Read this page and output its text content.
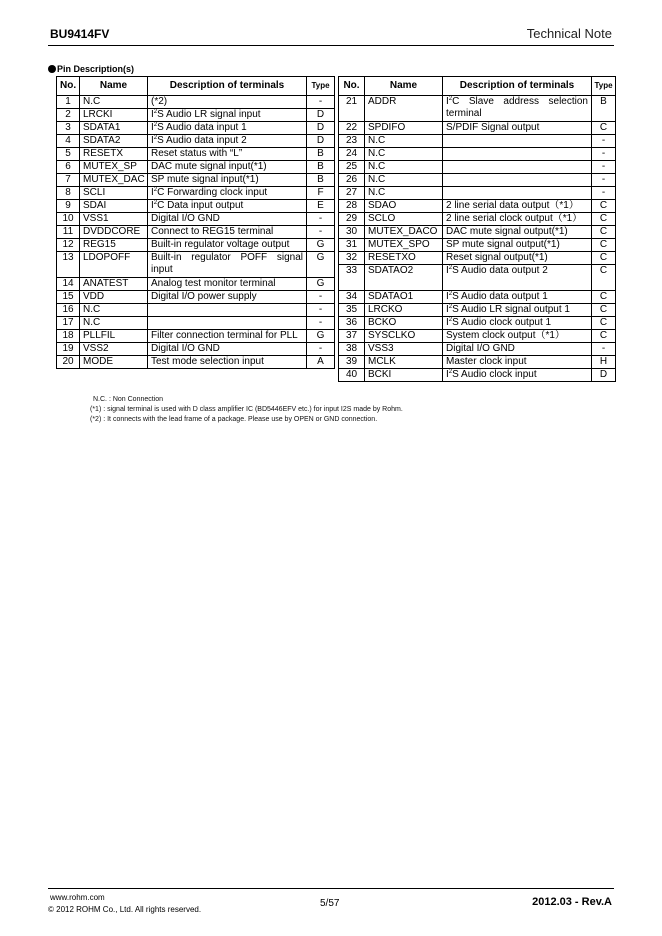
BU9414FV	Technical Note
Pin Description(s)
No.	Name	Description of terminals	Type
1	N.C	(*2)	-
2	LRCKI	$I^2S$ Audio LR signal input	D
3	SDATA1	$I^2S$ Audio data input 1	D
4	SDATA2	$I^2S$ Audio data input 2	D
5	RESETX	Reset status with “L”	B
6	MUTEX_SP	DAC mute signal input(*1)	B
7	MUTEX_DAC	SP mute signal input(*1)	B
8	SCLI	$I^2C$ Forwarding clock input	F
9	SDAI	$I^2C$ Data input output	E
10	VSS1	Digital I/O GND	-
11	DVDDCORE	Connect to REG15 terminal	-
12	REG15	Built-in regulator voltage output	G
13	LDOPOFF	Built-in regulator POFF signal input	G
14	ANATEST	Analog test monitor terminal	G
15	VDD	Digital I/O power supply	-
16	N.C		-
17	N.C		-
18	PLLFIL	Filter connection terminal for PLL	G
19	VSS2	Digital I/O GND	-
20	MODE	Test mode selection input	A
No.	Name	Description of terminals	Type
21	ADDR	$I^2C$ Slave address selection terminal	B
22	SPDIFO	S/PDIF Signal output	C
23	N.C		-
24	N.C		-
25	N.C		-
26	N.C		-
27	N.C		-
28	SDAO	2 line serial data output（*1）	C
29	SCLO	2 line serial clock output（*1）	C
30	MUTEX_DACO	DAC mute signal output(*1)	C
31	MUTEX_SPO	SP mute signal output(*1)	C
32	RESETXO	Reset signal output(*1)	C
33	SDATAO2	$I^2S$ Audio data output 2	C
34	SDATAO1	$I^2S$ Audio data output 1	C
35	LRCKO	$I^2S$ Audio LR signal output 1	C
36	BCKO	$I^2S$ Audio clock output 1	C
37	SYSCLKO	System clock output（*1）	C
38	VSS3	Digital I/O GND	-
39	MCLK	Master clock input	H
40	BCKI	$I^2S$ Audio clock input	D
N.C. : Non Connection
(*1) : signal terminal is used with D class amplifier IC (BD5446EFV etc.) for input I2S made by Rohm.
(*2) : It connects with the lead frame of a package. Please use by OPEN or GND connection.
www.rohm.com
© 2012 ROHM Co., Ltd. All rights reserved.
5/57	2012.03 - Rev.A
